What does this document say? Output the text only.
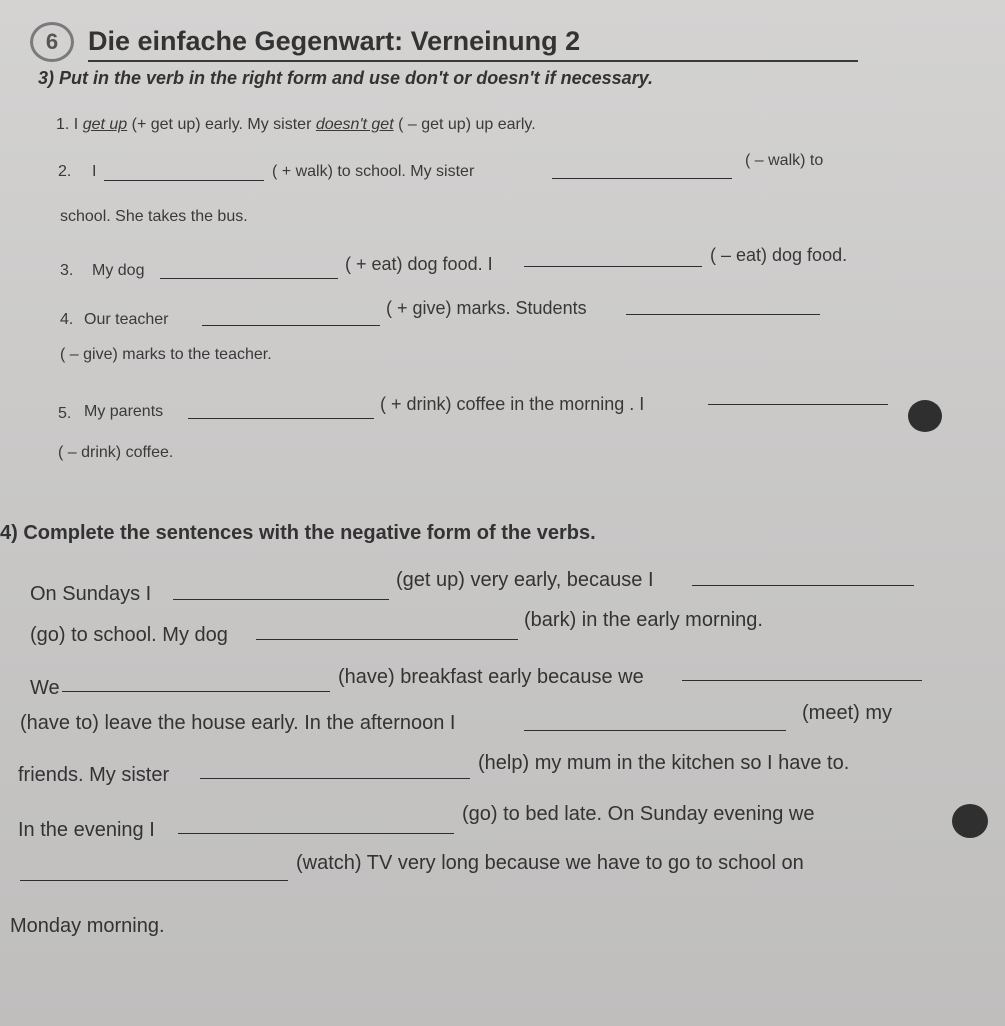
6	Die einfache Gegenwart: Verneinung 2
3) Put in the verb in the right form and use don't or doesn't if necessary.
1. I get up (+ get up) early. My sister doesn't get ( – get up) up early.
2. I	( + walk) to school. My sister
( – walk) to
school. She takes the bus.
3. My dog	( + eat) dog food. I	( – eat) dog food.
4. Our teacher
( + give) marks. Students
( – give) marks to the teacher.
5. My parents	( + drink) coffee in the morning . I
( – drink) coffee.
4) Complete the sentences with the negative form of the verbs.
On Sundays I
(get up) very early, because I
(go) to school. My dog
(bark) in the early morning.
We	(have) breakfast early because we
(have to) leave the house early. In the afternoon I	(meet) my
friends. My sister
(help) my mum in the kitchen so I have to.
In the evening I
(go) to bed late. On Sunday evening we
(watch) TV very long because we have to go to school on
Monday morning.
